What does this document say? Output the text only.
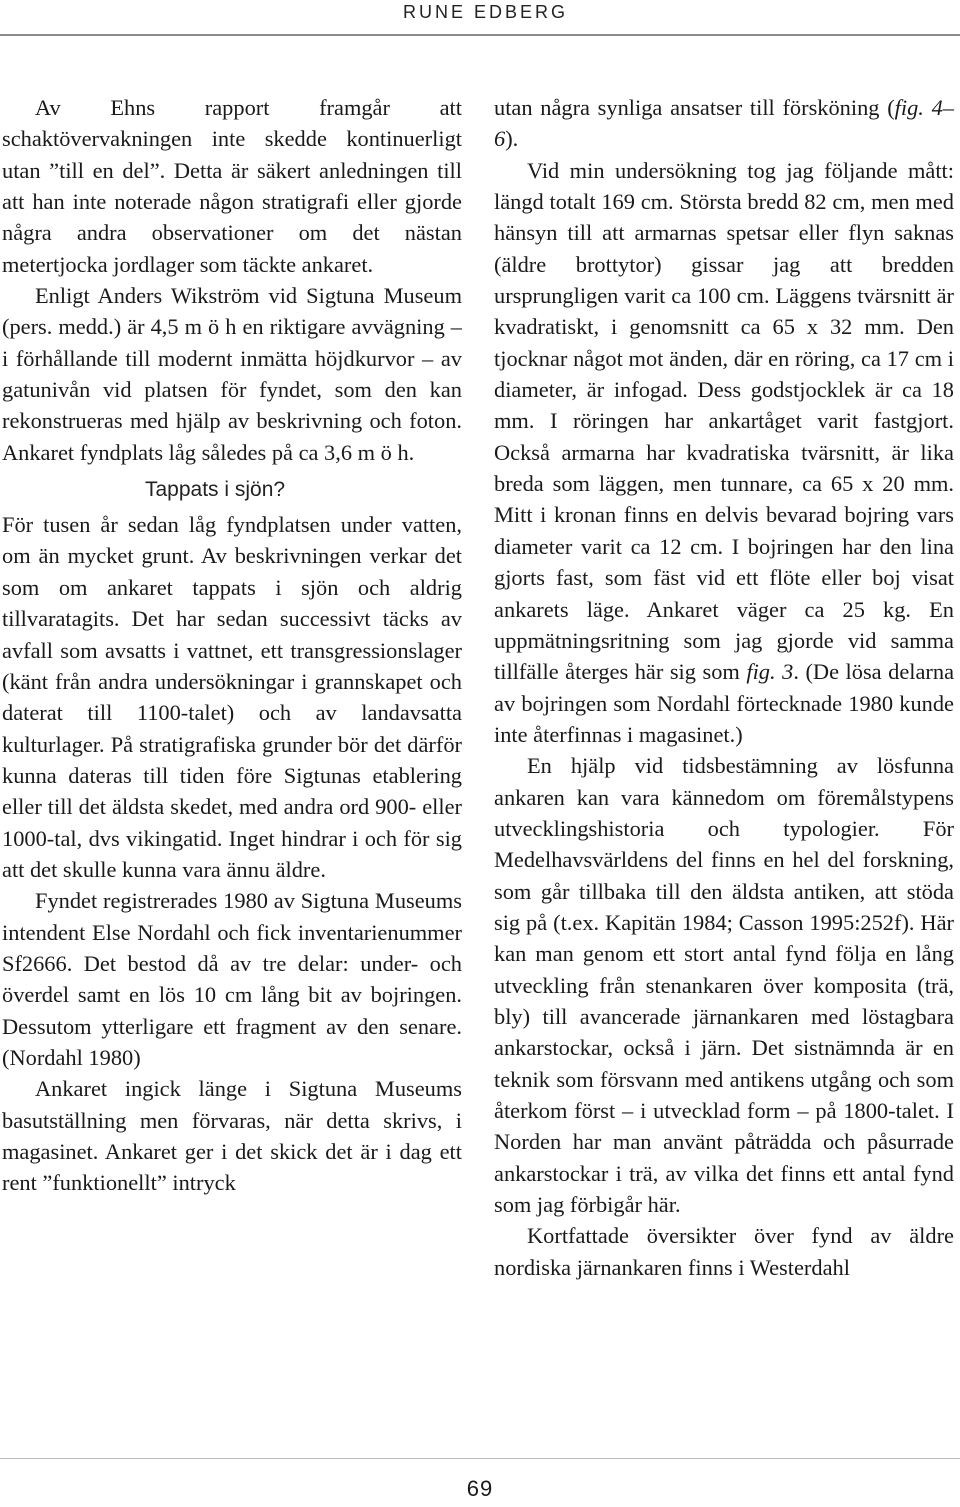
RUNE EDBERG

Av Ehns rapport framgår att schaktövervakningen inte skedde kontinuerligt utan ”till en del”. Detta är säkert anledningen till att han inte noterade någon stratigrafi eller gjorde några andra observationer om det nästan metertjocka jordlager som täckte ankaret.

Enligt Anders Wikström vid Sigtuna Museum (pers. medd.) är 4,5 m ö h en riktigare avvägning – i förhållande till modernt inmätta höjdkurvor – av gatunivån vid platsen för fyndet, som den kan rekonstrueras med hjälp av beskrivning och foton. Ankaret fyndplats låg således på ca 3,6 m ö h.

Tappats i sjön?

För tusen år sedan låg fyndplatsen under vatten, om än mycket grunt. Av beskrivningen verkar det som om ankaret tappats i sjön och aldrig tillvaratagits. Det har sedan successivt täcks av avfall som avsatts i vattnet, ett transgressionslager (känt från andra undersökningar i grannskapet och daterat till 1100-talet) och av landavsatta kulturlager. På stratigrafiska grunder bör det därför kunna dateras till tiden före Sigtunas etablering eller till det äldsta skedet, med andra ord 900- eller 1000-tal, dvs vikingatid. Inget hindrar i och för sig att det skulle kunna vara ännu äldre.

Fyndet registrerades 1980 av Sigtuna Museums intendent Else Nordahl och fick inventarienummer Sf2666. Det bestod då av tre delar: under- och överdel samt en lös 10 cm lång bit av bojringen. Dessutom ytterligare ett fragment av den senare. (Nordahl 1980)

Ankaret ingick länge i Sigtuna Museums basutställning men förvaras, när detta skrivs, i magasinet. Ankaret ger i det skick det är i dag ett rent ”funktionellt” intryck

utan några synliga ansatser till försköning (fig. 4–6).

Vid min undersökning tog jag följande mått: längd totalt 169 cm. Största bredd 82 cm, men med hänsyn till att armarnas spetsar eller flyn saknas (äldre brottytor) gissar jag att bredden ursprungligen varit ca 100 cm. Läggens tvärsnitt är kvadratiskt, i genomsnitt ca 65 x 32 mm. Den tjocknar något mot änden, där en röring, ca 17 cm i diameter, är infogad. Dess godstjocklek är ca 18 mm. I röringen har ankartåget varit fastgjort. Också armarna har kvadratiska tvärsnitt, är lika breda som läggen, men tunnare, ca 65 x 20 mm. Mitt i kronan finns en delvis bevarad bojring vars diameter varit ca 12 cm. I bojringen har den lina gjorts fast, som fäst vid ett flöte eller boj visat ankarets läge. Ankaret väger ca 25 kg. En uppmätningsritning som jag gjorde vid samma tillfälle återges här sig som fig. 3. (De lösa delarna av bojringen som Nordahl förtecknade 1980 kunde inte återfinnas i magasinet.)

En hjälp vid tidsbestämning av lösfunna ankaren kan vara kännedom om föremålstypens utvecklingshistoria och typologier. För Medelhavsvärldens del finns en hel del forskning, som går tillbaka till den äldsta antiken, att stöda sig på (t.ex. Kapitän 1984; Casson 1995:252f). Här kan man genom ett stort antal fynd följa en lång utveckling från stenankaren över komposita (trä, bly) till avancerade järnankaren med löstagbara ankarstockar, också i järn. Det sistnämnda är en teknik som försvann med antikens utgång och som återkom först – i utvecklad form – på 1800-talet. I Norden har man använt påträdda och påsurrade ankarstockar i trä, av vilka det finns ett antal fynd som jag förbigår här.

Kortfattade översikter över fynd av äldre nordiska järnankaren finns i Westerdahl

69
